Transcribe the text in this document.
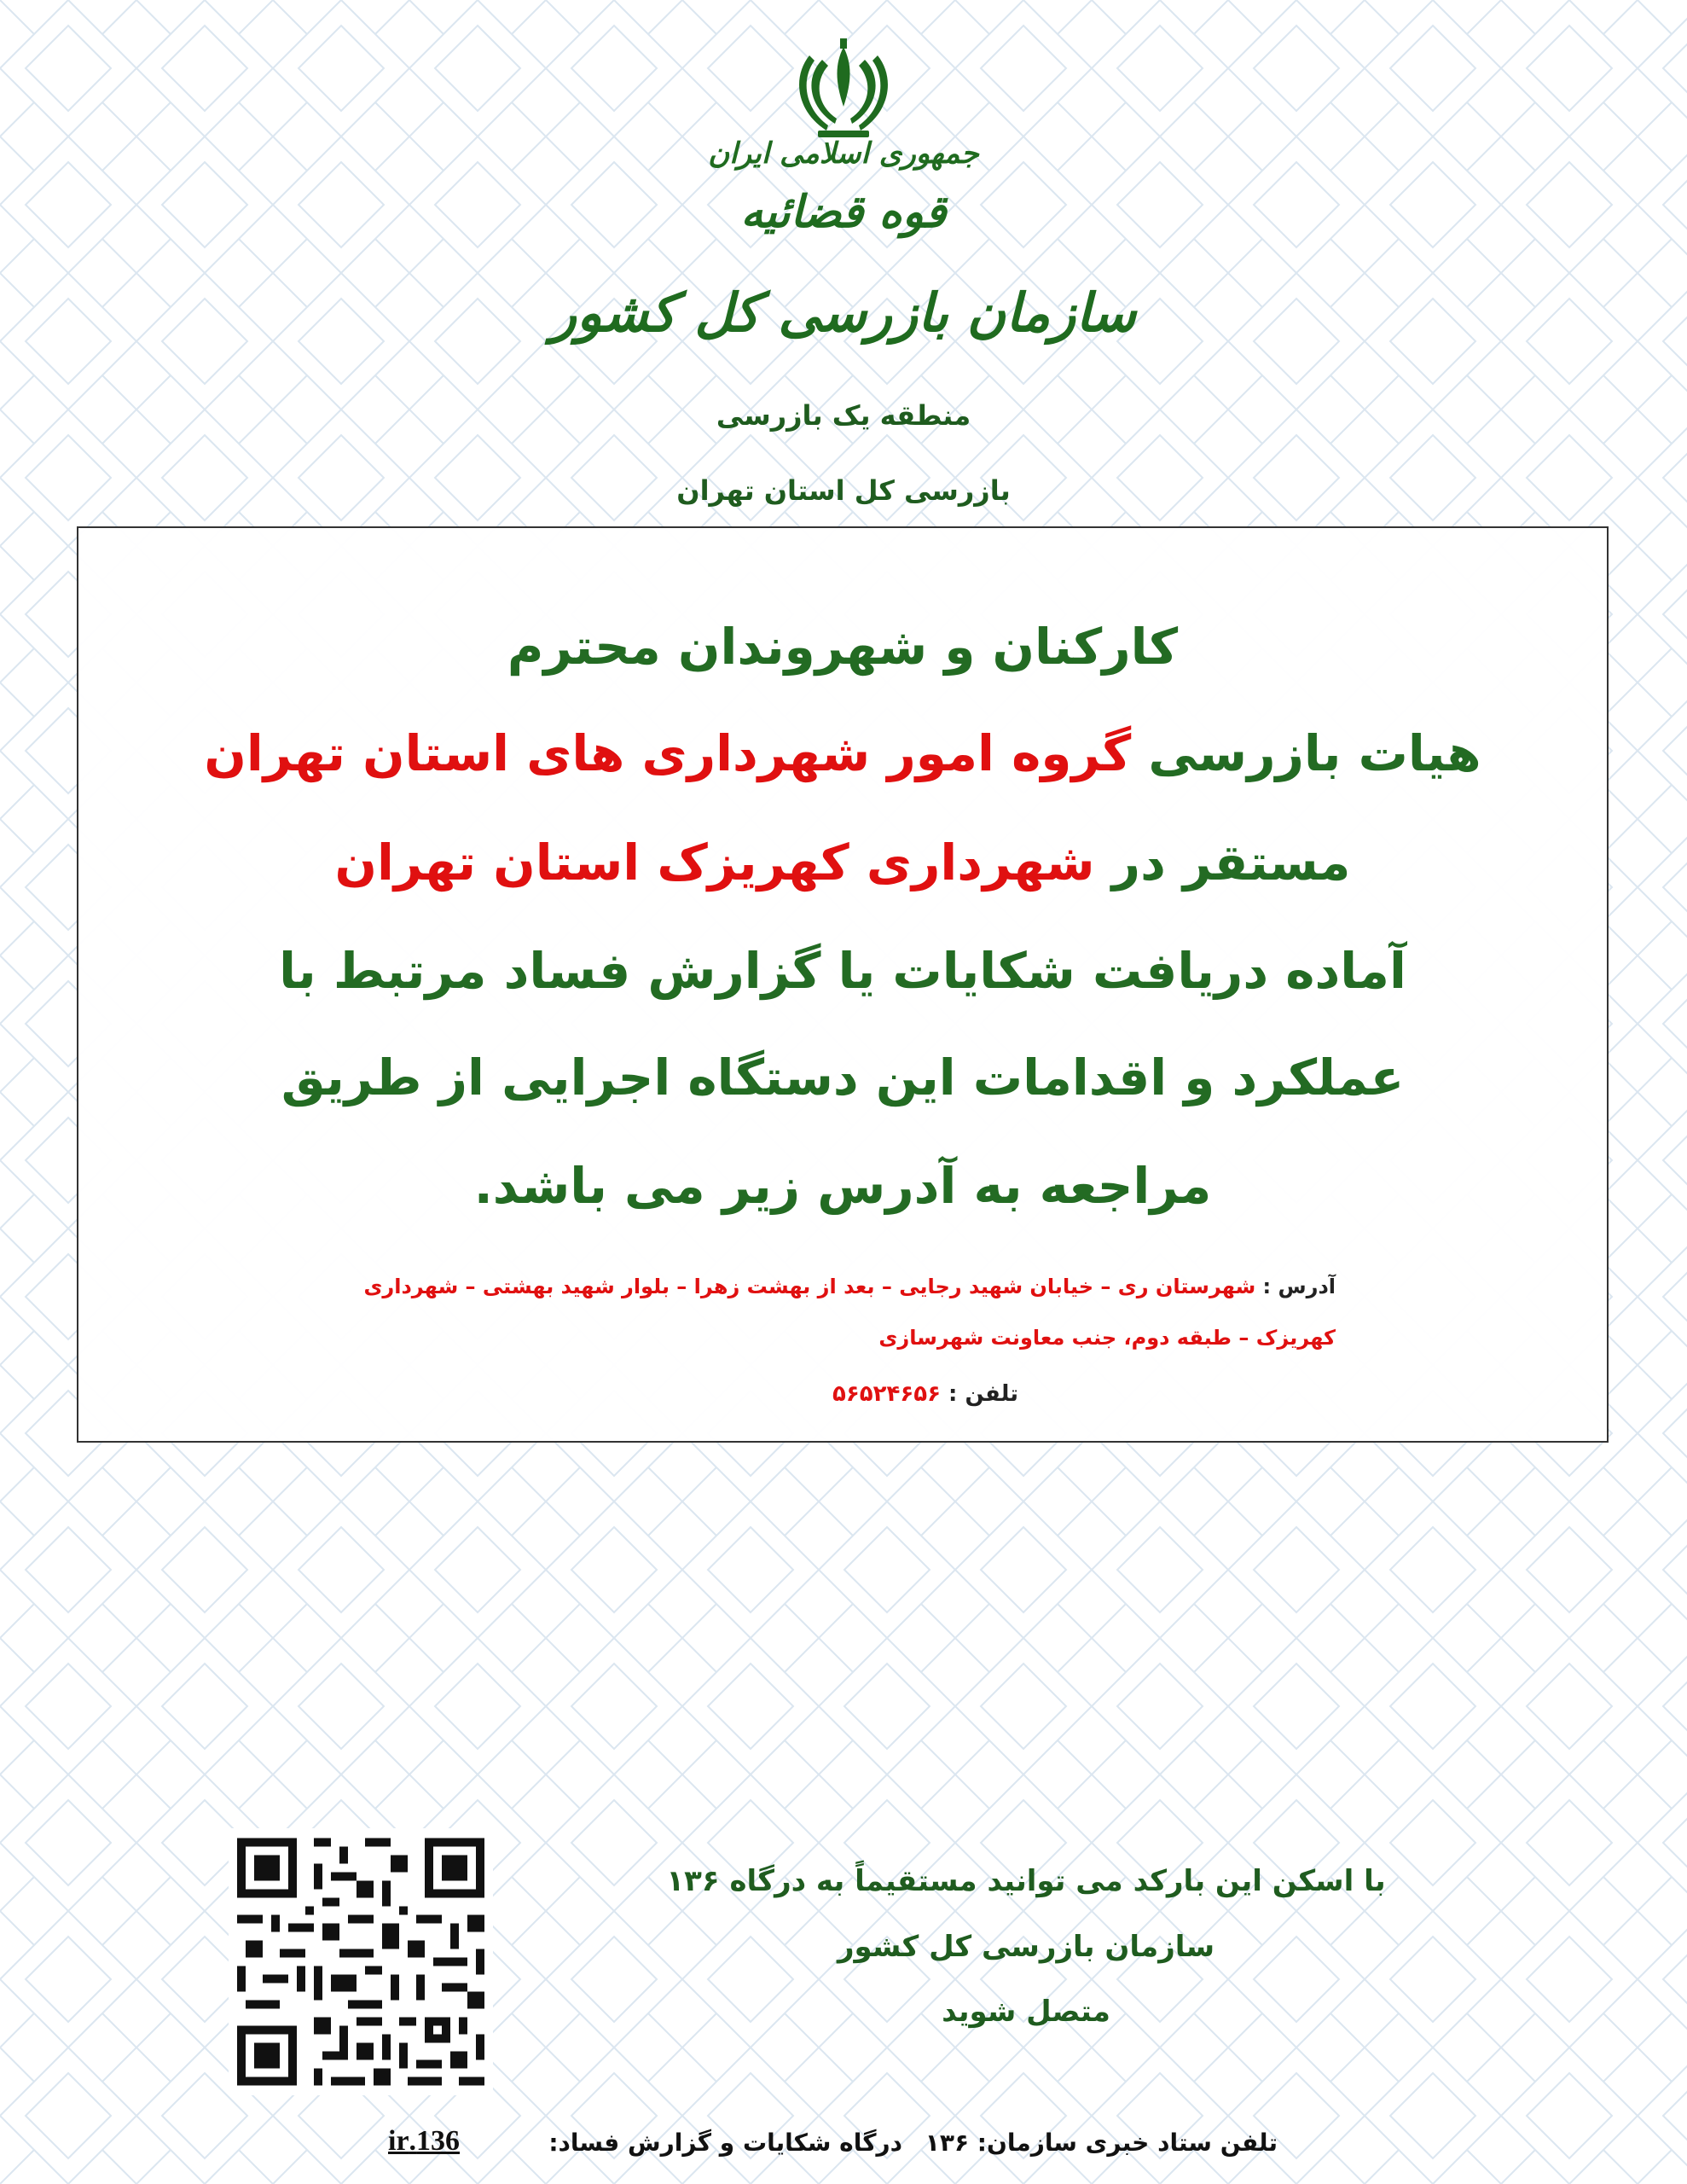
جمهوری اسلامی ایران
قوه قضائیه
سازمان بازرسی کل کشور
منطقه یک بازرسی
بازرسی کل استان تهران
کارکنان و شهروندان محترم
هیات بازرسی گروه امور شهرداری های استان تهران
مستقر در شهرداری کهریزک استان تهران
آماده دریافت شکایات یا گزارش فساد مرتبط با
عملکرد و اقدامات این دستگاه اجرایی از طریق
مراجعه به آدرس زیر می باشد.
آدرس : شهرستان ری – خیابان شهید رجایی – بعد از بهشت زهرا – بلوار شهید بهشتی – شهرداری
کهریزک – طبقه دوم، جنب معاونت شهرسازی
تلفن : ۵۶۵۲۴۶۵۶
با اسکن این بارکد می توانید مستقیماً به درگاه ۱۳۶
سازمان بازرسی کل کشور
متصل شوید
تلفن ستاد خبری سازمان: ۱۳۶
درگاه شکایات و گزارش فساد:
136.ir
